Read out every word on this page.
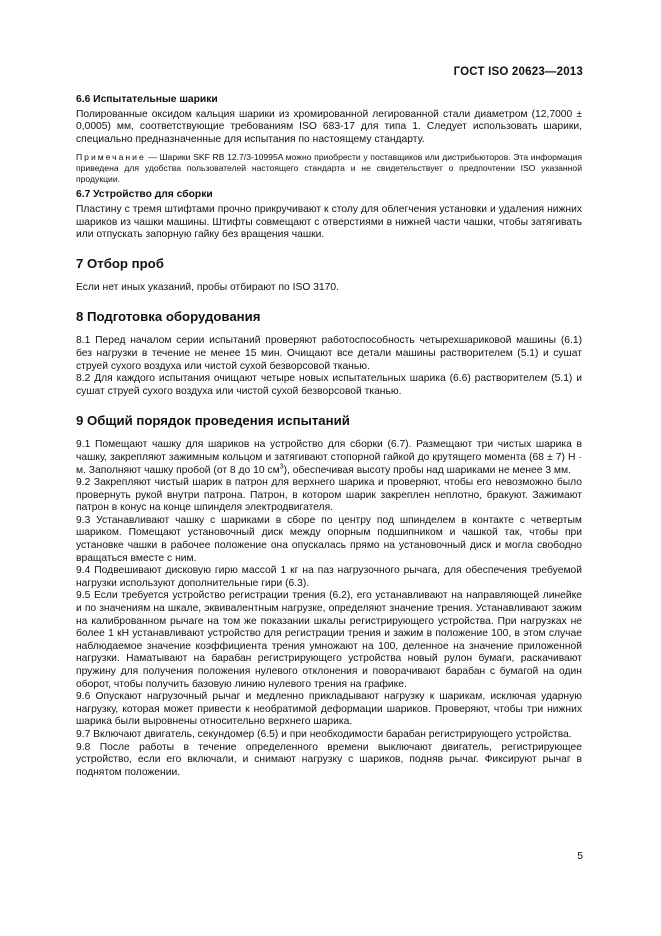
ГОСТ ISO 20623—2013

6.6 Испытательные шарики

Полированные оксидом кальция шарики из хромированной легированной стали диаметром (12,7000 ± 0,0005) мм, соответствующие требованиям ISO 683-17 для типа 1. Следует использовать шарики, специально предназначенные для испытания по настоящему стандарту.

Примечание — Шарики SKF RB 12.7/3-10995A можно приобрести у поставщиков или дистрибьюторов. Эта информация приведена для удобства пользователей настоящего стандарта и не свидетельствует о предпочтении ISO указанной продукции.

6.7 Устройство для сборки

Пластину с тремя штифтами прочно прикручивают к столу для облегчения установки и удаления нижних шариков из чашки машины. Штифты совмещают с отверстиями в нижней части чашки, чтобы затягивать или отпускать запорную гайку без вращения чашки.

7 Отбор проб

Если нет иных указаний, пробы отбирают по ISO 3170.

8 Подготовка оборудования

8.1 Перед началом серии испытаний проверяют работоспособность четырехшариковой машины (6.1) без нагрузки в течение не менее 15 мин. Очищают все детали машины растворителем (5.1) и сушат струей сухого воздуха или чистой сухой безворсовой тканью.

8.2 Для каждого испытания очищают четыре новых испытательных шарика (6.6) растворителем (5.1) и сушат струей сухого воздуха или чистой сухой безворсовой тканью.

9 Общий порядок проведения испытаний

9.1 Помещают чашку для шариков на устройство для сборки (6.7). Размещают три чистых шарика в чашку, закрепляют зажимным кольцом и затягивают стопорной гайкой до крутящего момента (68 ± 7) Н · м. Заполняют чашку пробой (от 8 до 10 $см^3$), обеспечивая высоту пробы над шариками не менее 3 мм.

9.2 Закрепляют чистый шарик в патрон для верхнего шарика и проверяют, чтобы его невозможно было провернуть рукой внутри патрона. Патрон, в котором шарик закреплен неплотно, бракуют. Зажимают патрон в конус на конце шпинделя электродвигателя.

9.3 Устанавливают чашку с шариками в сборе по центру под шпинделем в контакте с четвертым шариком. Помещают установочный диск между опорным подшипником и чашкой так, чтобы при установке чашки в рабочее положение она опускалась прямо на установочный диск и могла свободно вращаться вместе с ним.

9.4 Подвешивают дисковую гирю массой 1 кг на паз нагрузочного рычага, для обеспечения требуемой нагрузки используют дополнительные гири (6.3).

9.5 Если требуется устройство регистрации трения (6.2), его устанавливают на направляющей линейке и по значениям на шкале, эквивалентным нагрузке, определяют значение трения. Устанавливают зажим на калиброванном рычаге на том же показании шкалы регистрирующего устройства. При нагрузках не более 1 кН устанавливают устройство для регистрации трения и зажим в положение 100, в этом случае наблюдаемое значение коэффициента трения умножают на 100, деленное на значение приложенной нагрузки. Наматывают на барабан регистрирующего устройства новый рулон бумаги, раскачивают пружину для получения положения нулевого отклонения и поворачивают барабан с бумагой на один оборот, чтобы получить базовую линию нулевого трения на графике.

9.6 Опускают нагрузочный рычаг и медленно прикладывают нагрузку к шарикам, исключая ударную нагрузку, которая может привести к необратимой деформации шариков. Проверяют, чтобы три нижних шарика были выровнены относительно верхнего шарика.

9.7 Включают двигатель, секундомер (6.5) и при необходимости барабан регистрирующего устройства.

9.8 После работы в течение определенного времени выключают двигатель, регистрирующее устройство, если его включали, и снимают нагрузку с шариков, подняв рычаг. Фиксируют рычаг в поднятом положении.

5
